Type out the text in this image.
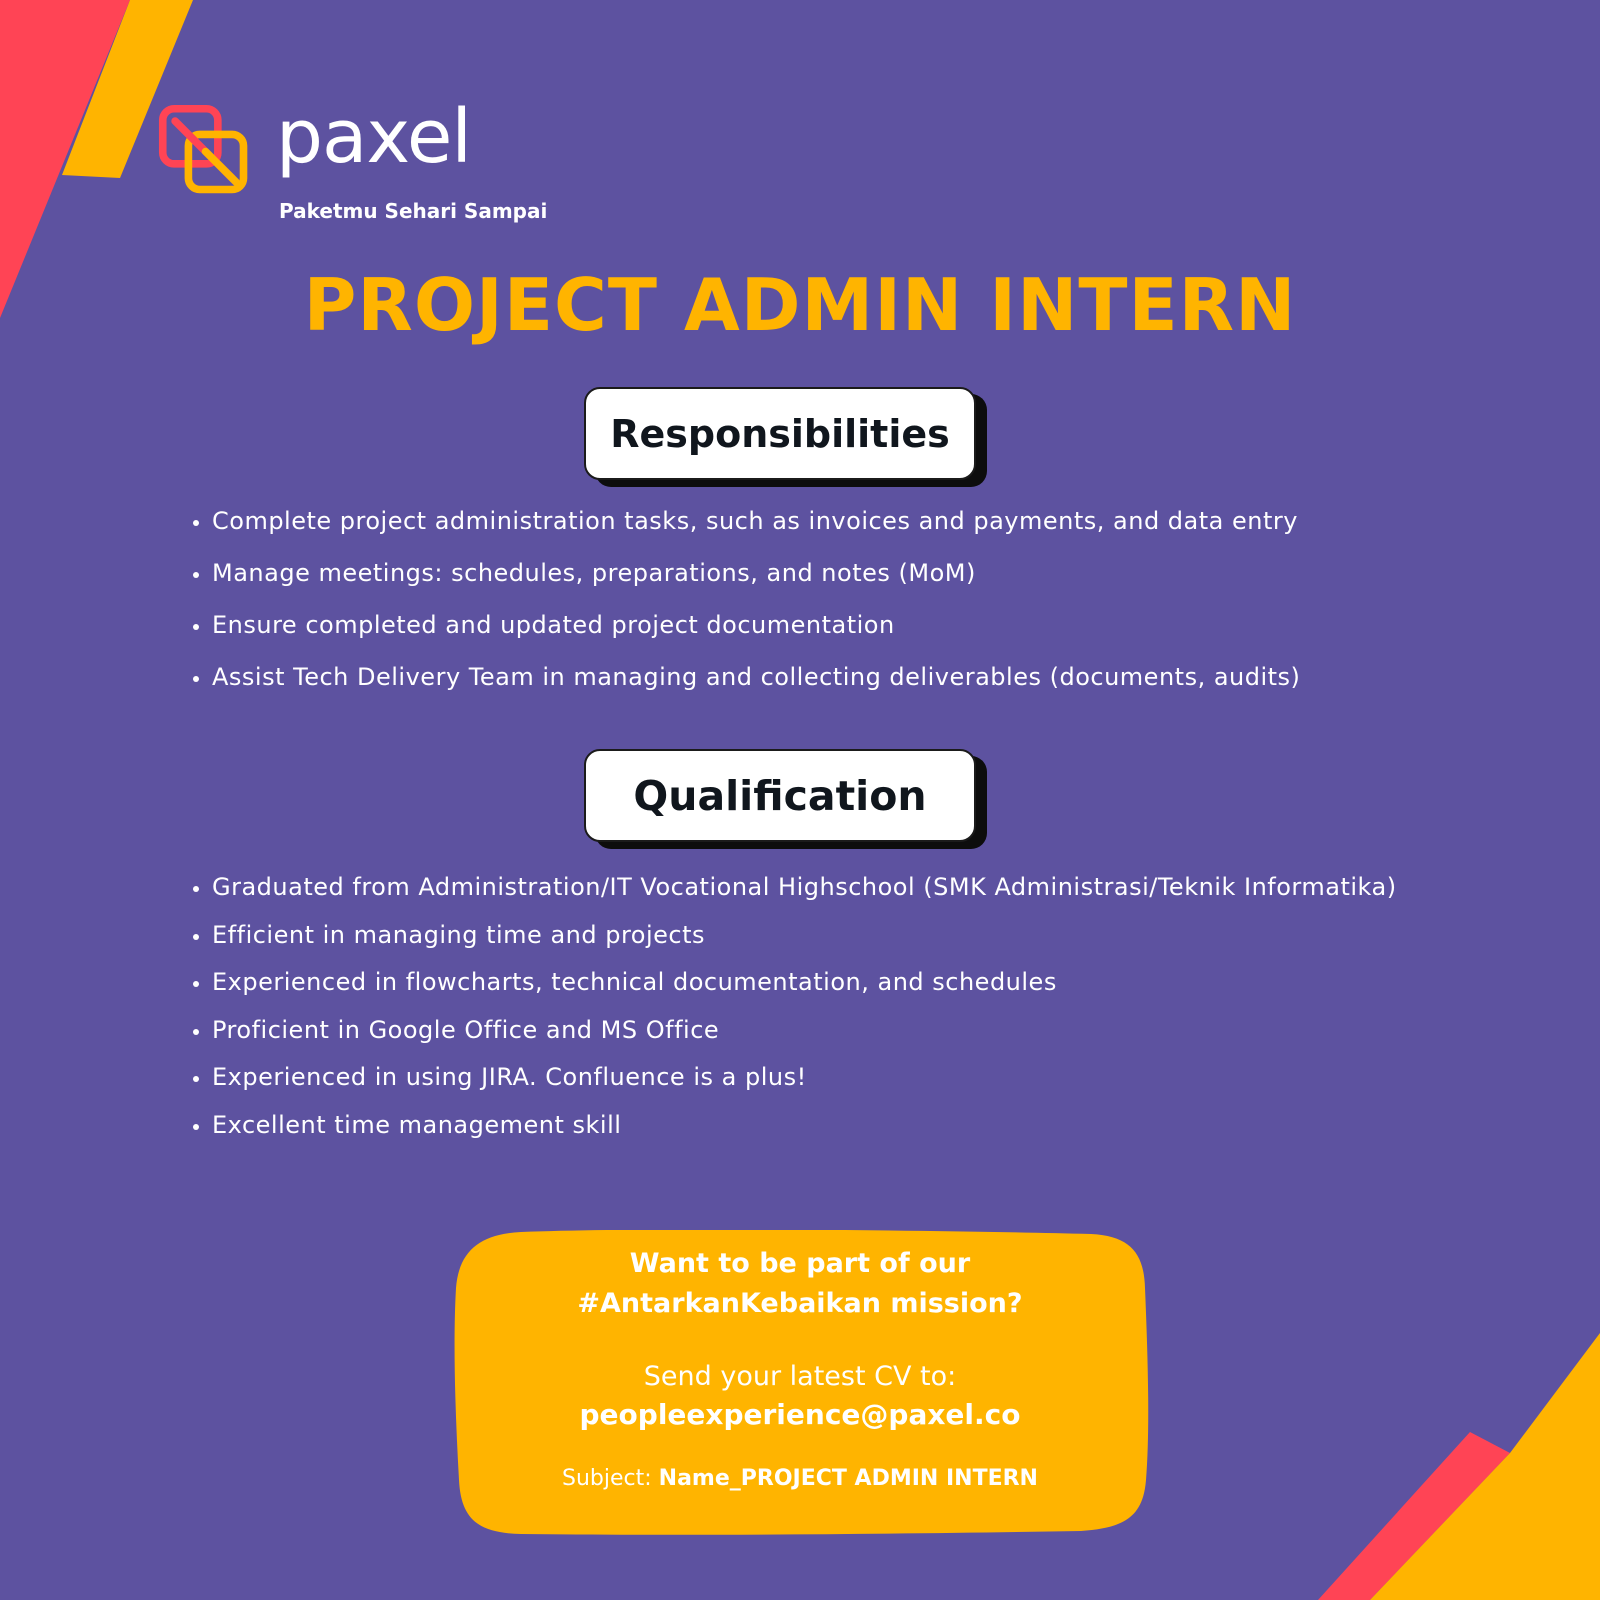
paxel
Paketmu Sehari Sampai
PROJECT ADMIN INTERN
Responsibilities
• Complete project administration tasks, such as invoices and payments, and data entry
• Manage meetings: schedules, preparations, and notes (MoM)
• Ensure completed and updated project documentation
• Assist Tech Delivery Team in managing and collecting deliverables (documents, audits)
Qualification
• Graduated from Administration/IT Vocational Highschool (SMK Administrasi/Teknik Informatika)
• Efficient in managing time and projects
• Experienced in flowcharts, technical documentation, and schedules
• Proficient in Google Office and MS Office
• Experienced in using JIRA. Confluence is a plus!
• Excellent time management skill
Want to be part of our
#AntarkanKebaikan mission?
Send your latest CV to:
peopleexperience@paxel.co
Subject: Name_PROJECT ADMIN INTERN
